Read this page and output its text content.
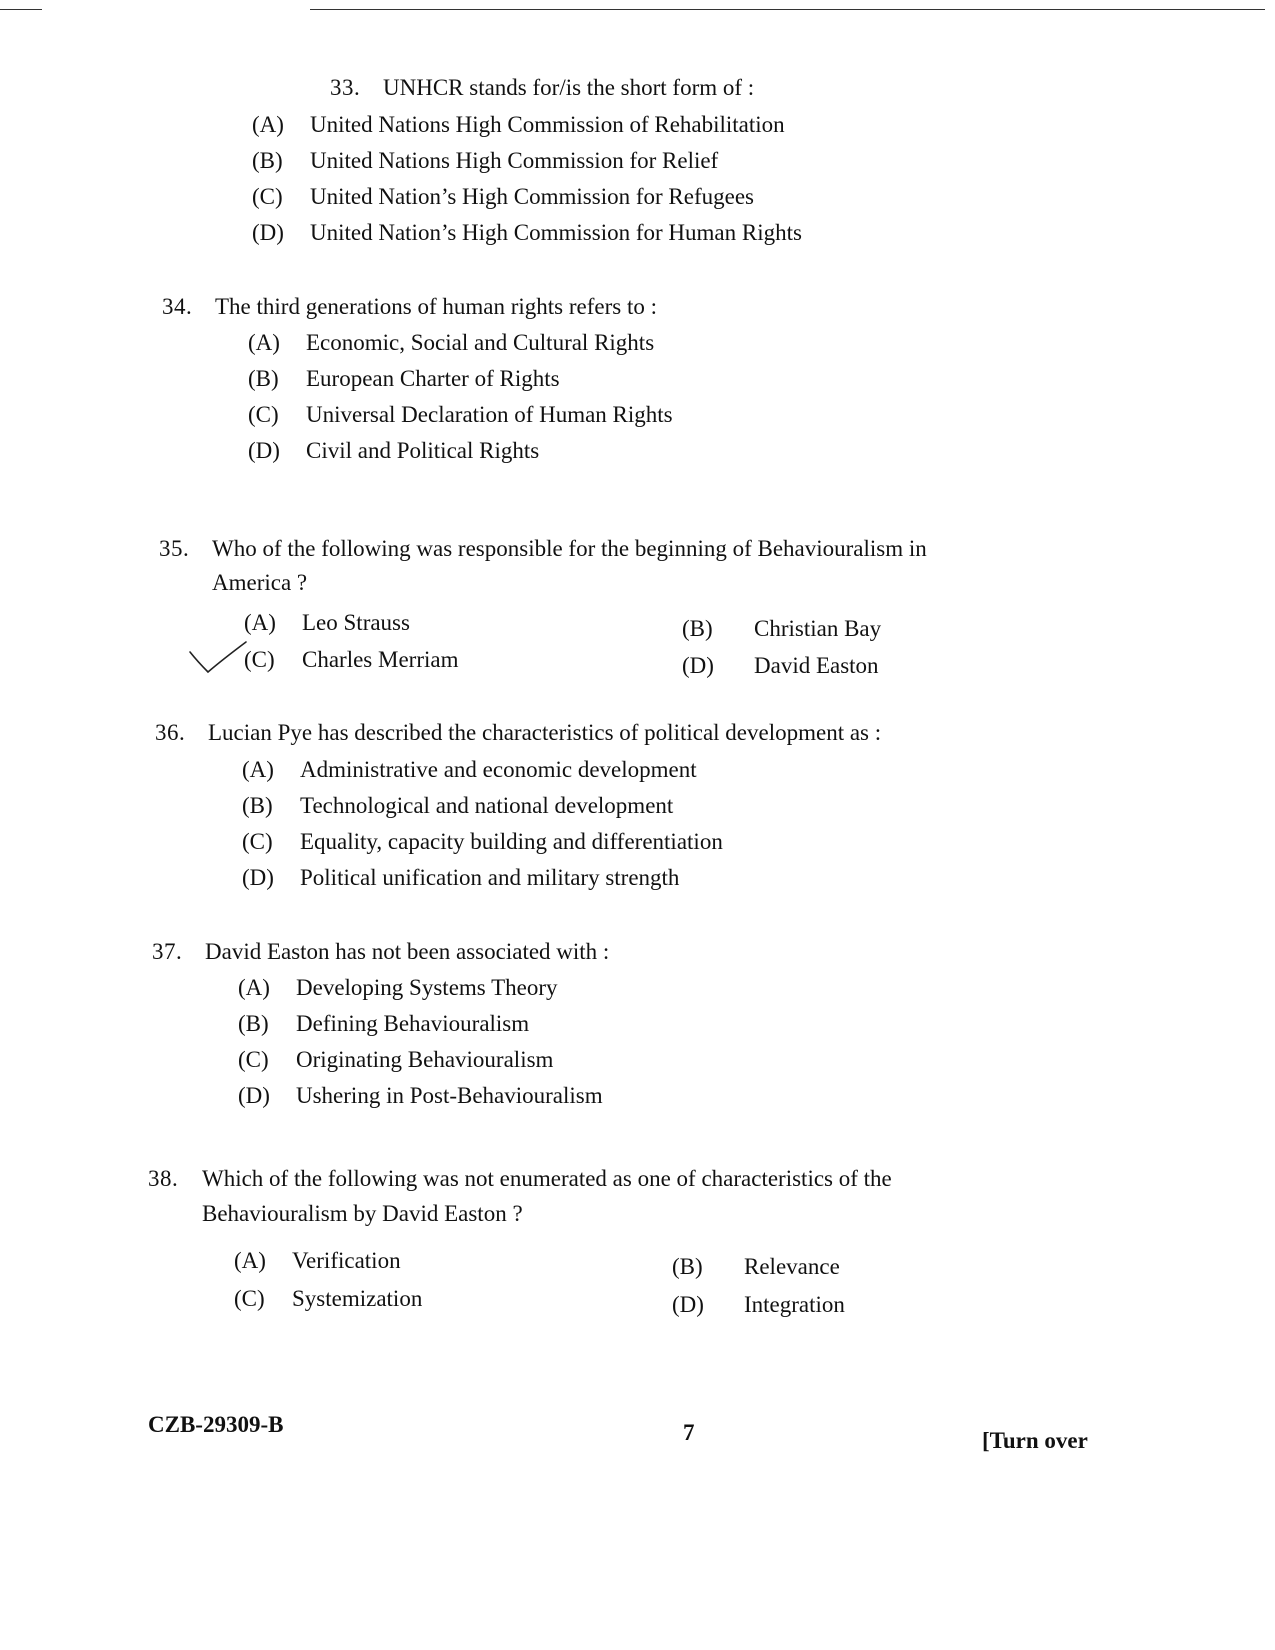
33. UNHCR stands for/is the short form of :
(A) United Nations High Commission of Rehabilitation
(B) United Nations High Commission for Relief
(C) United Nation’s High Commission for Refugees
(D) United Nation’s High Commission for Human Rights
34. The third generations of human rights refers to :
(A) Economic, Social and Cultural Rights
(B) European Charter of Rights
(C) Universal Declaration of Human Rights
(D) Civil and Political Rights
35. Who of the following was responsible for the beginning of Behaviouralism in
America ?
(A) Leo Strauss	(B) Christian Bay
(C) Charles Merriam	(D) David Easton
36. Lucian Pye has described the characteristics of political development as :
(A) Administrative and economic development
(B) Technological and national development
(C) Equality, capacity building and differentiation
(D) Political unification and military strength
37. David Easton has not been associated with :
(A) Developing Systems Theory
(B) Defining Behaviouralism
(C) Originating Behaviouralism
(D) Ushering in Post-Behaviouralism
38. Which of the following was not enumerated as one of characteristics of the
Behaviouralism by David Easton ?
(A) Verification	(B) Relevance
(C) Systemization	(D) Integration
CZB-29309-B	7	[Turn over
